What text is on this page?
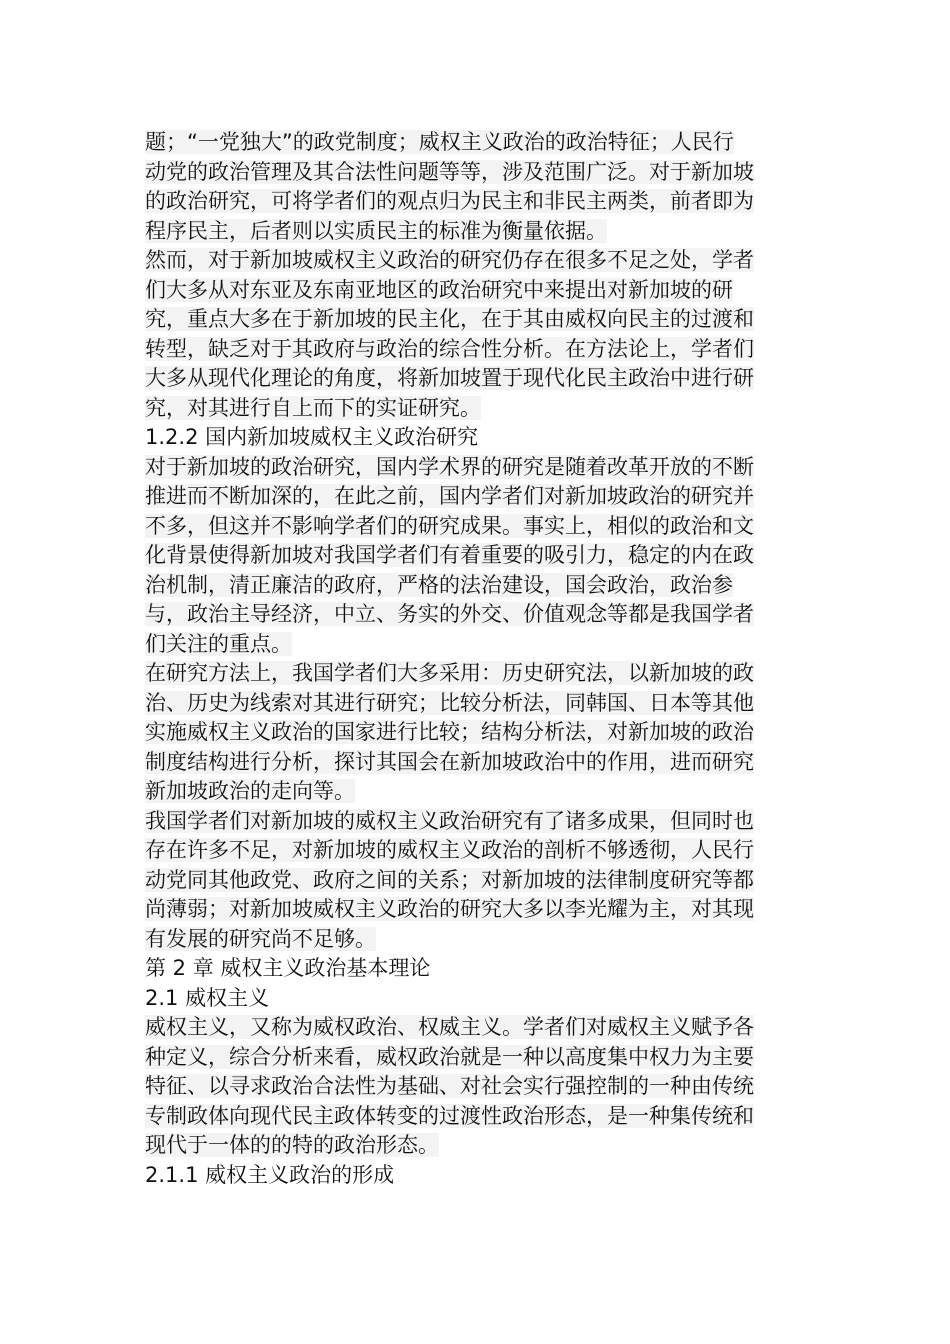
题；“一党独大”的政党制度；威权主义政治的政治特征；人民行
动党的政治管理及其合法性问题等等，涉及范围广泛。对于新加坡
的政治研究，可将学者们的观点归为民主和非民主两类，前者即为
程序民主，后者则以实质民主的标准为衡量依据。
然而，对于新加坡威权主义政治的研究仍存在很多不足之处，学者
们大多从对东亚及东南亚地区的政治研究中来提出对新加坡的研
究，重点大多在于新加坡的民主化，在于其由威权向民主的过渡和
转型，缺乏对于其政府与政治的综合性分析。在方法论上，学者们
大多从现代化理论的角度，将新加坡置于现代化民主政治中进行研
究，对其进行自上而下的实证研究。
1.2.2 国内新加坡威权主义政治研究
对于新加坡的政治研究，国内学术界的研究是随着改革开放的不断
推进而不断加深的，在此之前，国内学者们对新加坡政治的研究并
不多，但这并不影响学者们的研究成果。事实上，相似的政治和文
化背景使得新加坡对我国学者们有着重要的吸引力，稳定的内在政
治机制，清正廉洁的政府，严格的法治建设，国会政治，政治参
与，政治主导经济，中立、务实的外交、价值观念等都是我国学者
们关注的重点。
在研究方法上，我国学者们大多采用：历史研究法，以新加坡的政
治、历史为线索对其进行研究；比较分析法，同韩国、日本等其他
实施威权主义政治的国家进行比较；结构分析法，对新加坡的政治
制度结构进行分析，探讨其国会在新加坡政治中的作用，进而研究
新加坡政治的走向等。
我国学者们对新加坡的威权主义政治研究有了诸多成果，但同时也
存在许多不足，对新加坡的威权主义政治的剖析不够透彻，人民行
动党同其他政党、政府之间的关系；对新加坡的法律制度研究等都
尚薄弱；对新加坡威权主义政治的研究大多以李光耀为主，对其现
有发展的研究尚不足够。
第 2 章 威权主义政治基本理论
2.1 威权主义
威权主义，又称为威权政治、权威主义。学者们对威权主义赋予各
种定义，综合分析来看，威权政治就是一种以高度集中权力为主要
特征、以寻求政治合法性为基础、对社会实行强控制的一种由传统
专制政体向现代民主政体转变的过渡性政治形态，是一种集传统和
现代于一体的的特的政治形态。
2.1.1 威权主义政治的形成
